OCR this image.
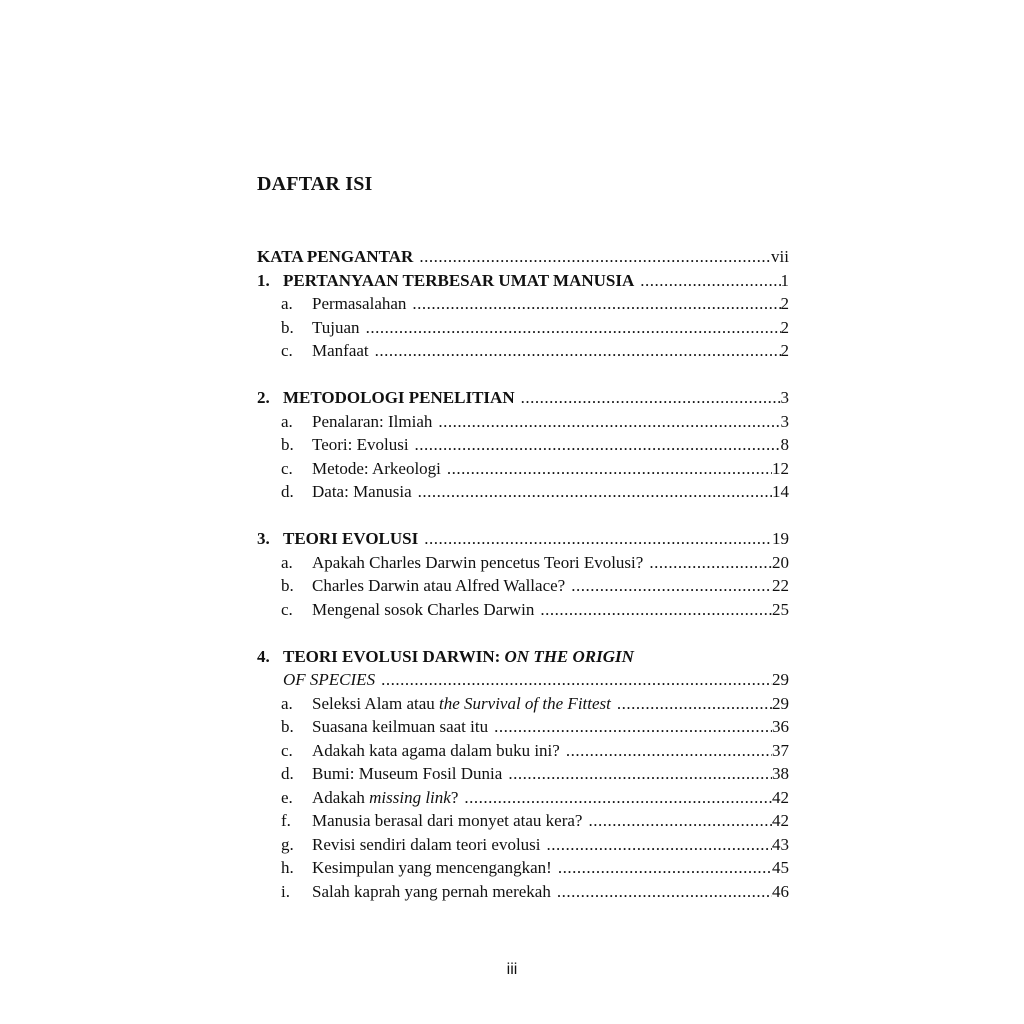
DAFTAR ISI
KATA PENGANTAR .....	vii
1. PERTANYAAN TERBESAR UMAT MANUSIA .....	1
a.	Permasalahan .....	2
b.	Tujuan .....	2
c.	Manfaat .....	2
2. METODOLOGI PENELITIAN .....	3
a.	Penalaran: Ilmiah .....	3
b.	Teori: Evolusi .....	8
c.	Metode: Arkeologi .....	12
d.	Data: Manusia .....	14
3. TEORI EVOLUSI .....	19
a.	Apakah Charles Darwin pencetus Teori Evolusi? .....	20
b.	Charles Darwin atau Alfred Wallace? .....	22
c.	Mengenal sosok Charles Darwin .....	25
4. TEORI EVOLUSI DARWIN: ON THE ORIGIN
OF SPECIES .....	29
a.	Seleksi Alam atau the Survival of the Fittest .....	29
b.	Suasana keilmuan saat itu .....	36
c.	Adakah kata agama dalam buku ini? .....	37
d.	Bumi: Museum Fosil Dunia .....	38
e.	Adakah missing link? .....	42
f.	Manusia berasal dari monyet atau kera? .....	42
g.	Revisi sendiri dalam teori evolusi .....	43
h.	Kesimpulan yang mencengangkan! .....	45
i.	Salah kaprah yang pernah merekah .....	46
iii
